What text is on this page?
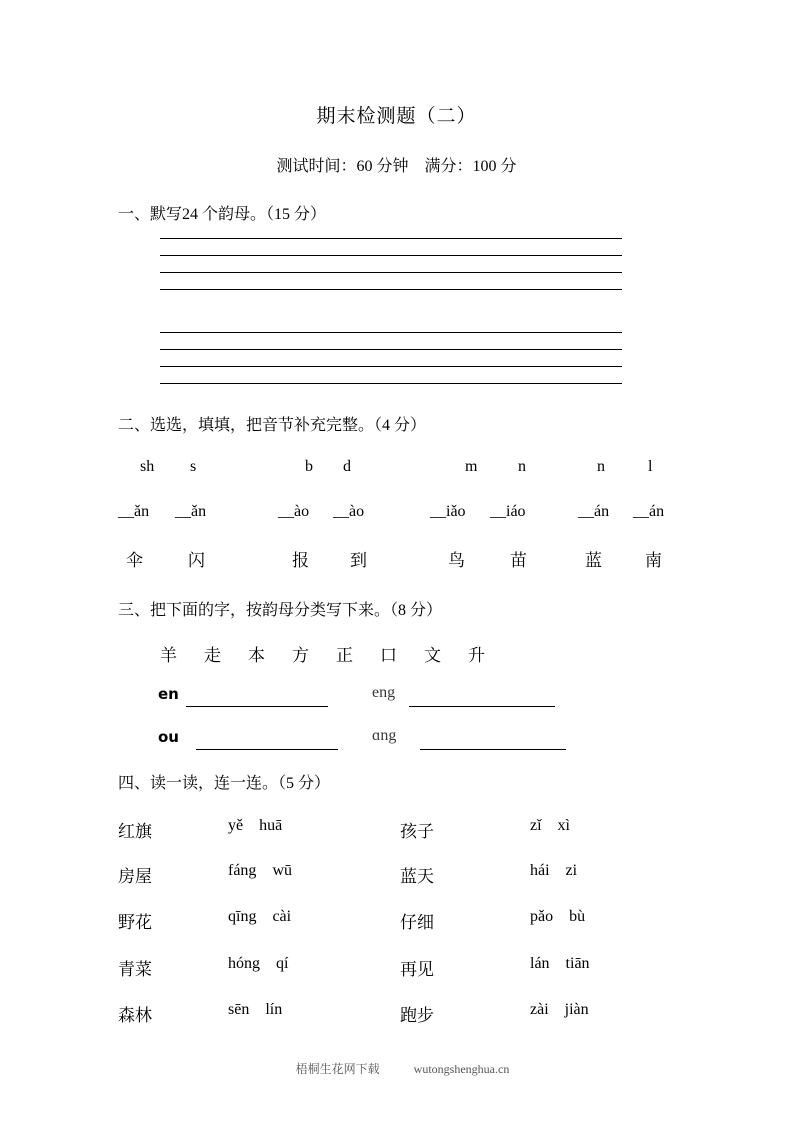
期末检测题（二）
测试时间：60 分钟　满分：100 分
一、默写24 个韵母。（15 分）
二、选选，填填，把音节补充完整。（4 分）
sh s	b d	m	n	n	l
__ǎn __ǎn	__ào __ào	__iǎo __iáo	__án __án
伞	闪	报 到	鸟	苗	蓝	南
三、把下面的字，按韵母分类写下来。（8 分）
羊 走 本 方 正 口 文 升
en	eng
ou	ɑng
四、读一读，连一连。（5 分）
红旗	yě huā	孩子	zǐ xì
房屋	fáng wū	蓝天	hái zi
野花	qīng cài	仔细	pǎo bù
青菜	hóng qí	再见	lán tiān
森林	sēn lín	跑步	zài jiàn

梧桐生花网下载	wutongshenghua.cn
